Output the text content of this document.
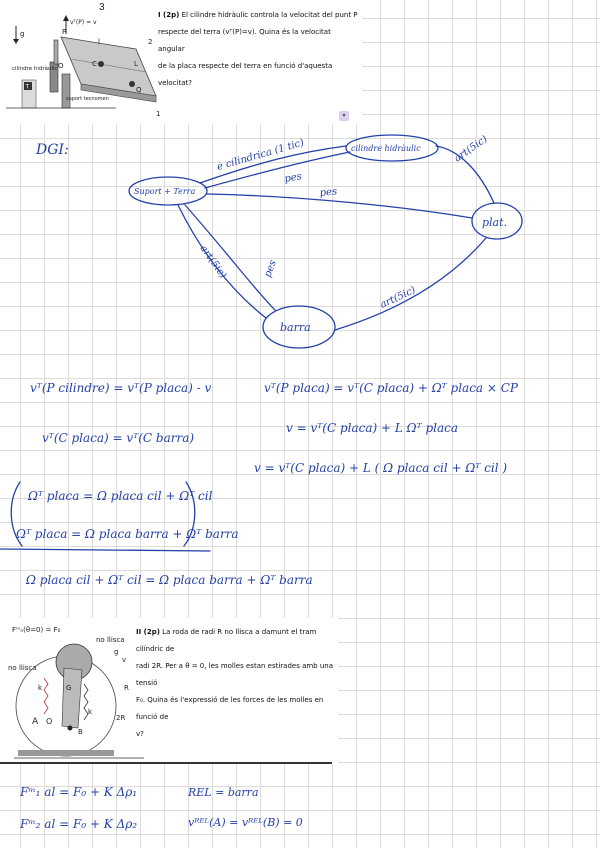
3
g
vᵀ(P) = v
P
l
C
Q
L
T
O
cilindre hidràulic
suport tecnomen
1
2
I (2p) El cilindre hidràulic controla la velocitat del punt P
respecte del terra (vᵀ(P)=v). Quina és la velocitat angular
de la placa respecte del terra en funció d'aquesta velocitat?
▾
DGI:
Suport + Terra
cilindre hidràulic
plat.
barra
e cilindrica (1 tic)
pes
pes
pes
art(5ic)
art(5ic)
art(5ic)
vᵀ(P cilindre) = vᵀ(P placa) - v
vᵀ(C placa) = vᵀ(C barra)
vᵀ(P placa) = vᵀ(C placa) + Ωᵀ placa × CP
v = vᵀ(C placa) + L Ωᵀ placa
v = vᵀ(C placa) + L ( Ω placa cil + Ωᵀ cil )
Ωᵀ placa = Ω placa cil + Ωᵀ cil
Ωᵀ placa = Ω placa barra + Ωᵀ barra
Ω placa cil + Ωᵀ cil = Ω placa barra + Ωᵀ barra
Fᵐₙ(θ=0) = F₀
no llisca
no llisca
g
v
R
2R
k
k
A O
B
G
II (2p) La roda de radi R no llisca a damunt el tram cilíndric de
radi 2R. Per a θ = 0, les molles estan estirades amb una tensió
F₀. Quina és l'expressió de les forces de les molles en funció de
v?
Fᵐ₁ al = F₀ + K Δρ₁
Fᵐ₂ al = F₀ + K Δρ₂
REL = barra
vᴿᴱᴸ(A) = vᴿᴱᴸ(B) = 0
